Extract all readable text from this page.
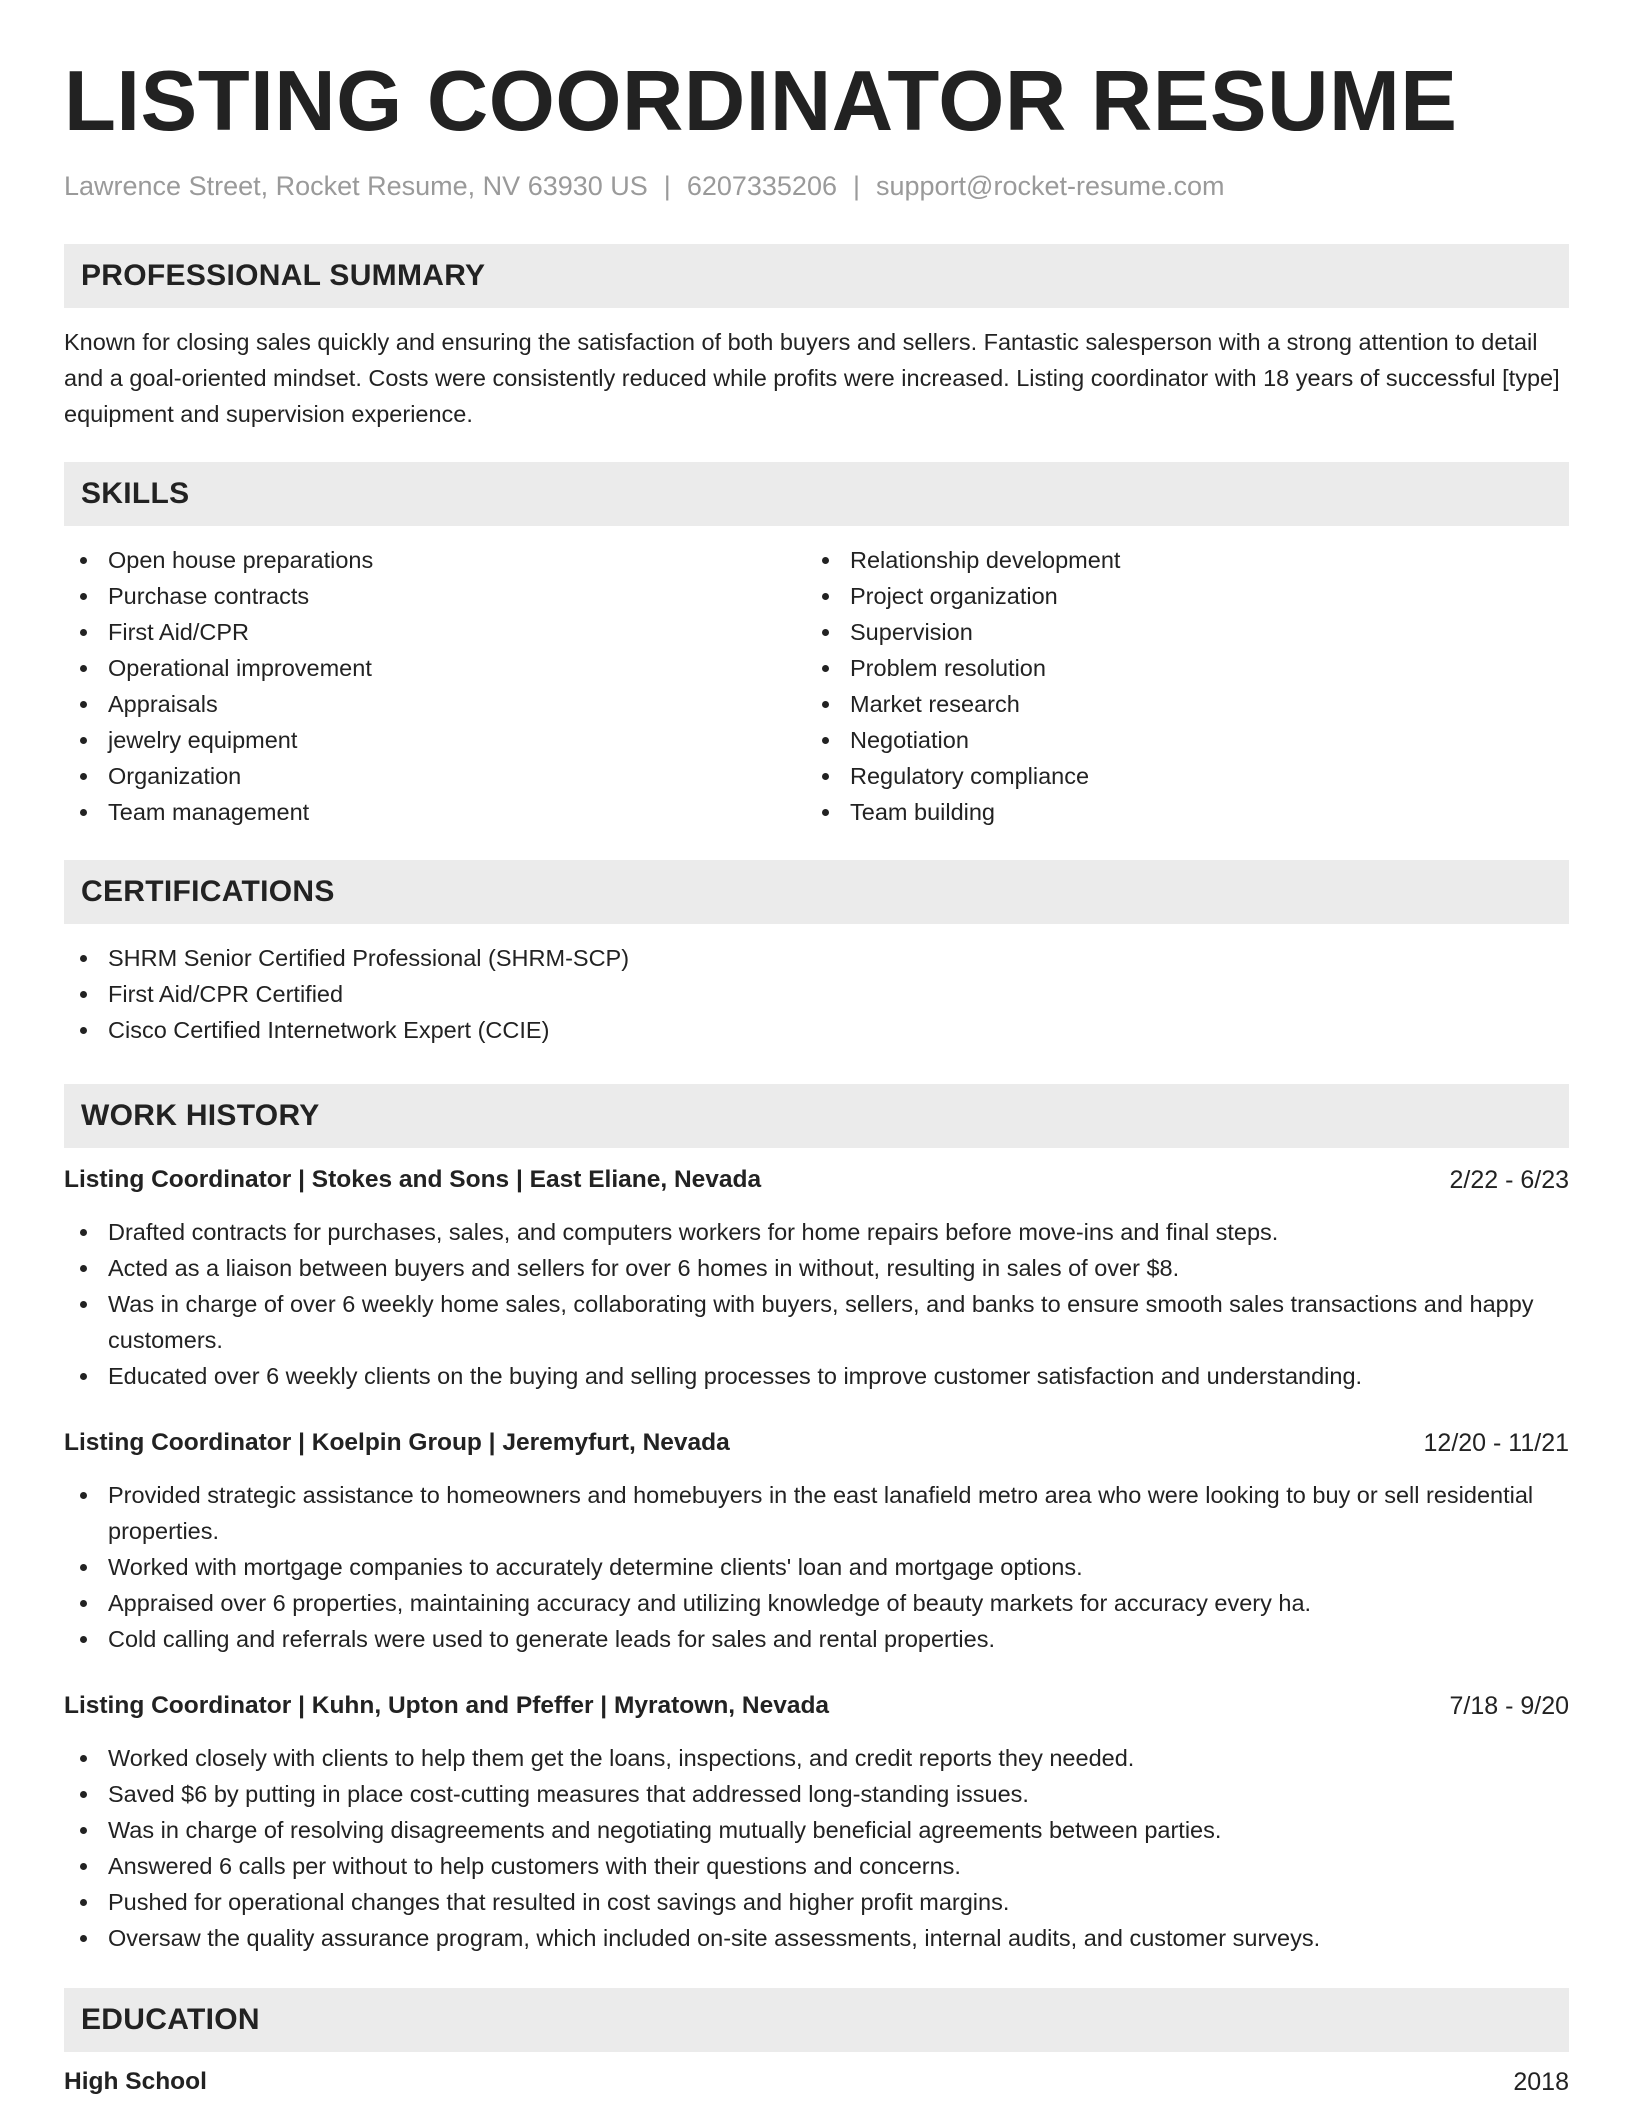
LISTING COORDINATOR RESUME
Lawrence Street, Rocket Resume, NV 63930 US | 6207335206 | support@rocket-resume.com
PROFESSIONAL SUMMARY

Known for closing sales quickly and ensuring the satisfaction of both buyers and sellers. Fantastic salesperson with a strong attention to detail and a goal-oriented mindset. Costs were consistently reduced while profits were increased. Listing coordinator with 18 years of successful [type] equipment and supervision experience.

SKILLS
Open house preparations
Purchase contracts
First Aid/CPR
Operational improvement
Appraisals
jewelry equipment
Organization
Team management
Relationship development
Project organization
Supervision
Problem resolution
Market research
Negotiation
Regulatory compliance
Team building
CERTIFICATIONS
SHRM Senior Certified Professional (SHRM-SCP)
First Aid/CPR Certified
Cisco Certified Internetwork Expert (CCIE)
WORK HISTORY
Listing Coordinator | Stokes and Sons | East Eliane, Nevada	2/22 - 6/23
Drafted contracts for purchases, sales, and computers workers for home repairs before move-ins and final steps.
Acted as a liaison between buyers and sellers for over 6 homes in without, resulting in sales of over $8.
Was in charge of over 6 weekly home sales, collaborating with buyers, sellers, and banks to ensure smooth sales transactions and happy customers.
Educated over 6 weekly clients on the buying and selling processes to improve customer satisfaction and understanding.
Listing Coordinator | Koelpin Group | Jeremyfurt, Nevada	12/20 - 11/21
Provided strategic assistance to homeowners and homebuyers in the east lanafield metro area who were looking to buy or sell residential properties.
Worked with mortgage companies to accurately determine clients' loan and mortgage options.
Appraised over 6 properties, maintaining accuracy and utilizing knowledge of beauty markets for accuracy every ha.
Cold calling and referrals were used to generate leads for sales and rental properties.
Listing Coordinator | Kuhn, Upton and Pfeffer | Myratown, Nevada	7/18 - 9/20
Worked closely with clients to help them get the loans, inspections, and credit reports they needed.
Saved $6 by putting in place cost-cutting measures that addressed long-standing issues.
Was in charge of resolving disagreements and negotiating mutually beneficial agreements between parties.
Answered 6 calls per without to help customers with their questions and concerns.
Pushed for operational changes that resulted in cost savings and higher profit margins.
Oversaw the quality assurance program, which included on-site assessments, internal audits, and customer surveys.
EDUCATION
High School	2018
